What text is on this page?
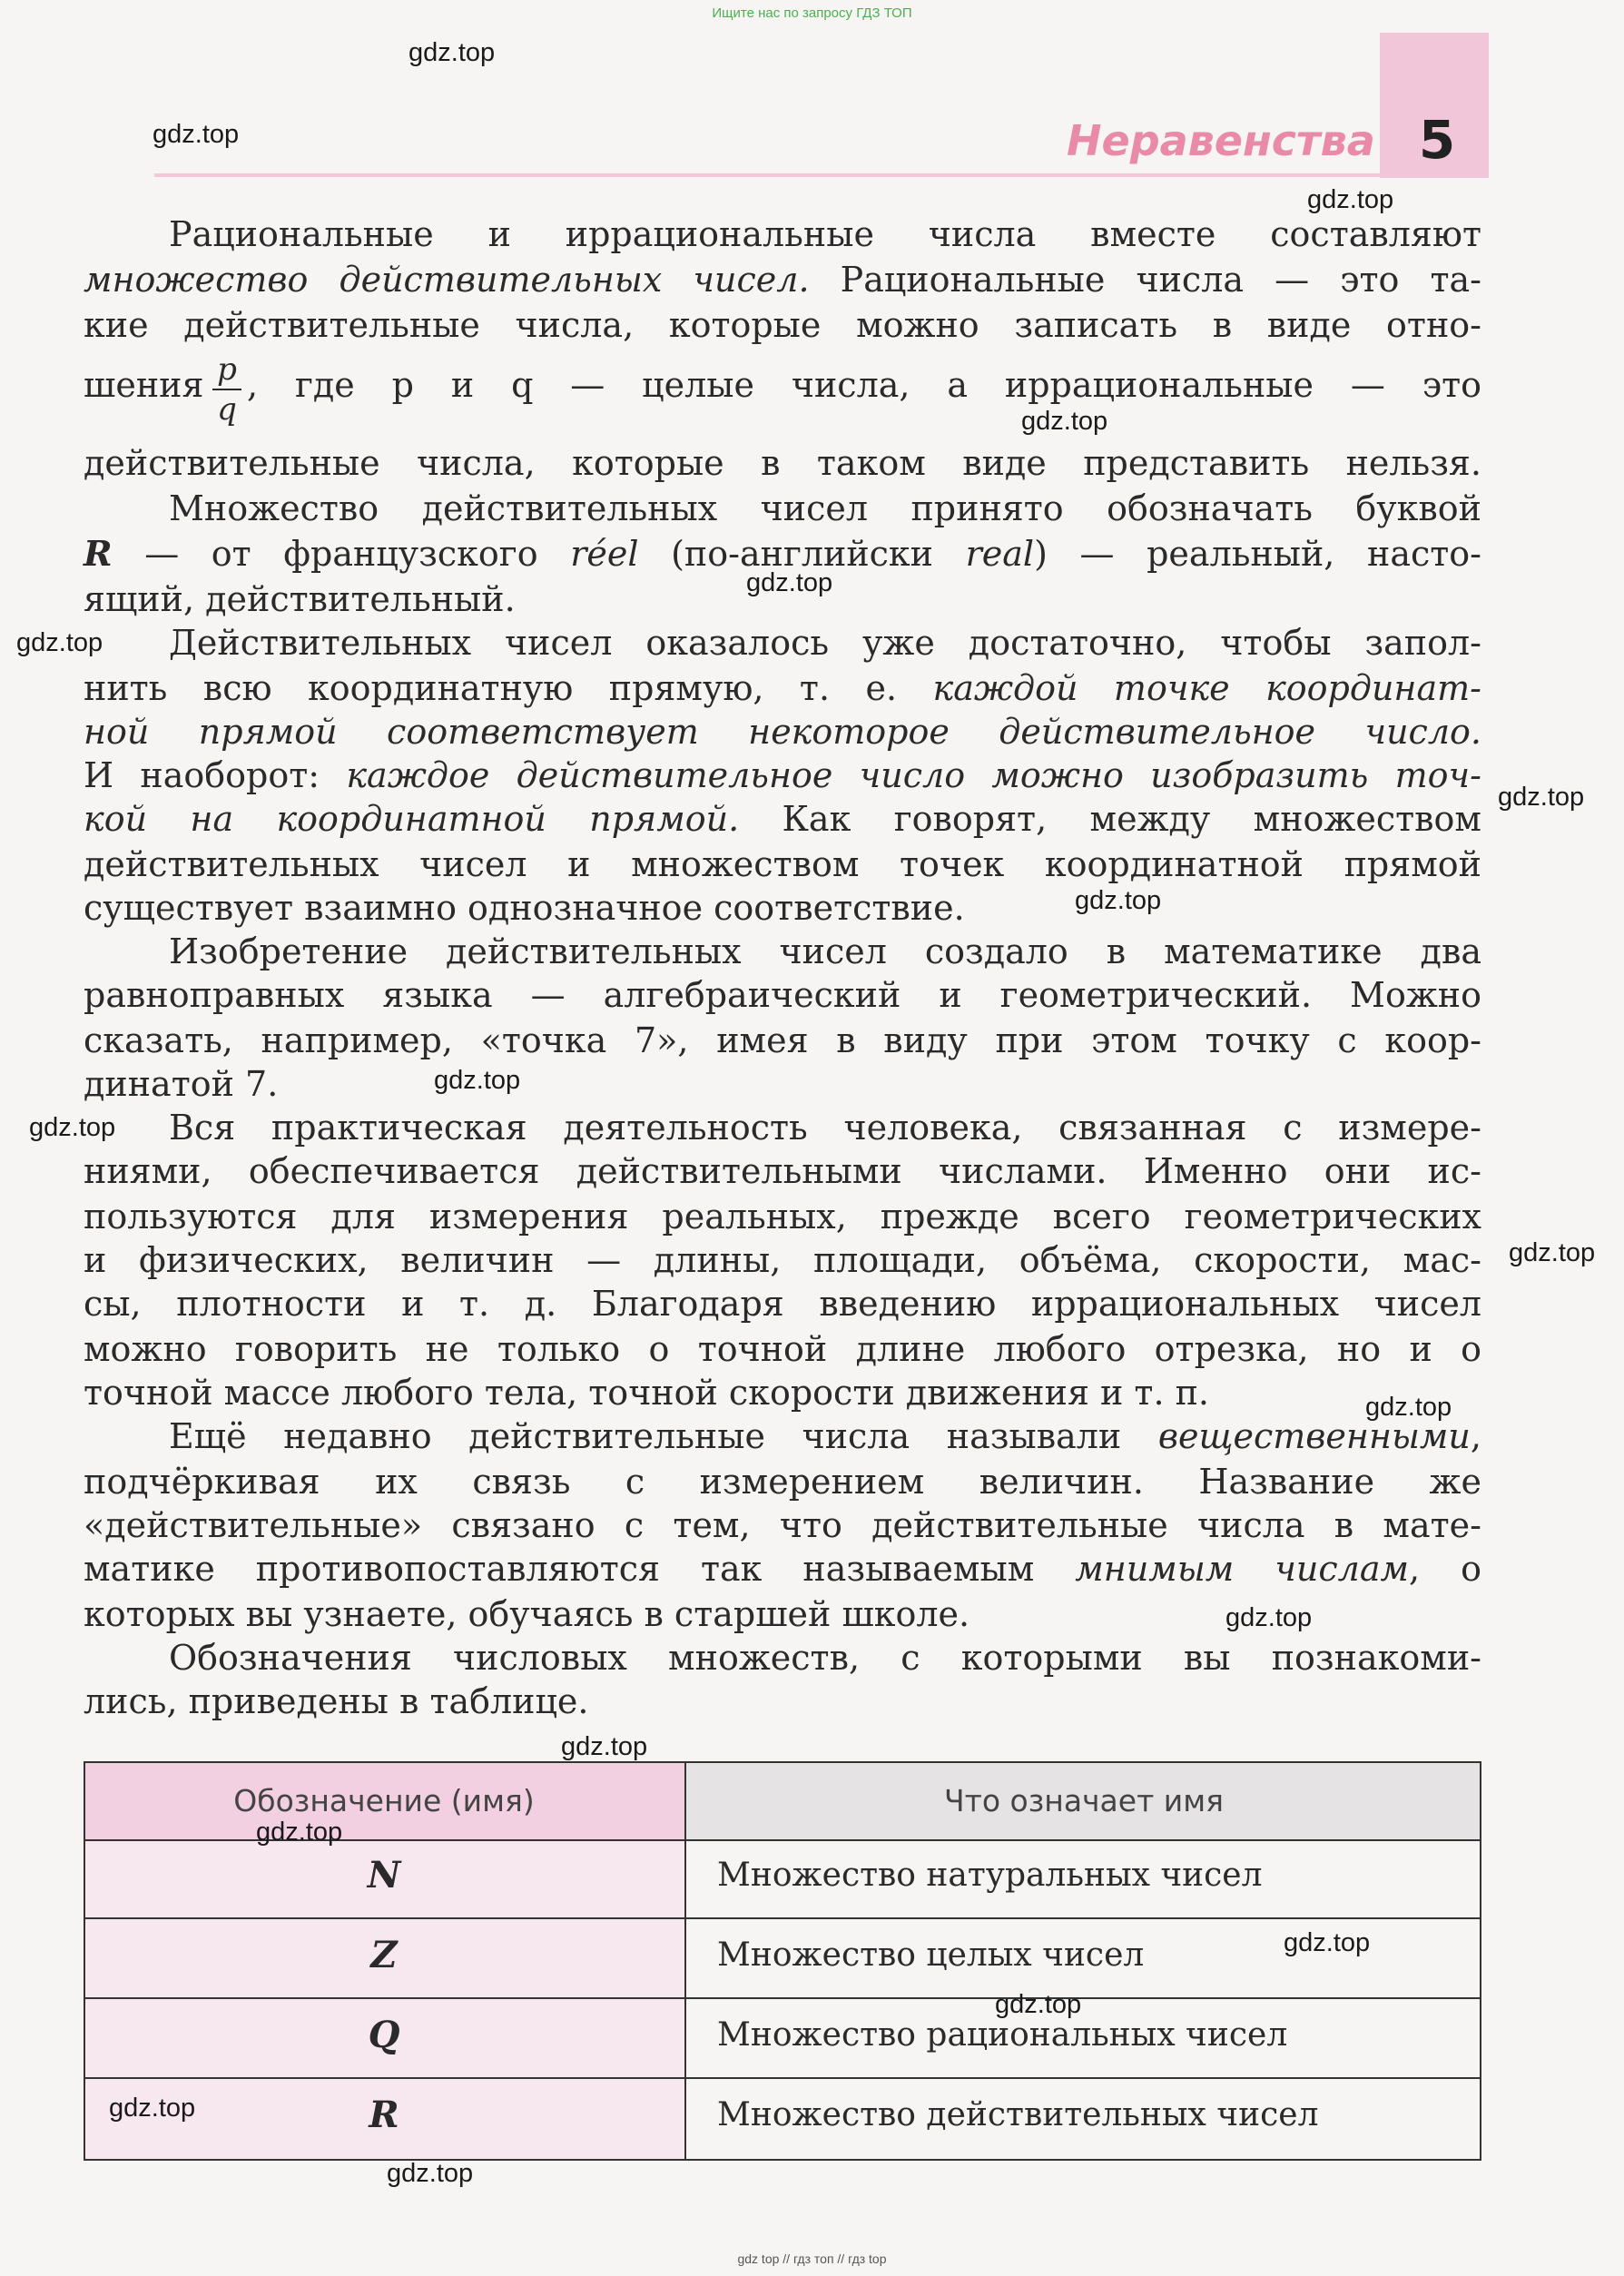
Ищите нас по запросу ГДЗ ТОП
Неравенства 5
Рациональные и иррациональные числа вместе составляют
множество действительных чисел. Рациональные числа — это та-
кие действительные числа, которые можно записать в виде отно-
шения p
q
, где p и q — целые числа, а иррациональные — это
действительные числа, которые в таком виде представить нельзя.
Множество действительных чисел принято обозначать буквой
R — от французского réel (по-английски real) — реальный, насто-
ящий, действительный.
Действительных чисел оказалось уже достаточно, чтобы запол-
нить всю координатную прямую, т. е. каждой точке координат-
ной прямой соответствует некоторое действительное число.
И наоборот: каждое действительное число можно изобразить точ-
кой на координатной прямой. Как говорят, между множеством
действительных чисел и множеством точек координатной прямой
существует взаимно однозначное соответствие.
Изобретение действительных чисел создало в математике два
равноправных языка — алгебраический и геометрический. Можно
сказать, например, «точка 7», имея в виду при этом точку с коор-
динатой 7.
Вся практическая деятельность человека, связанная с измере-
ниями, обеспечивается действительными числами. Именно они ис-
пользуются для измерения реальных, прежде всего геометрических
и физических, величин — длины, площади, объёма, скорости, мас-
сы, плотности и т. д. Благодаря введению иррациональных чисел
можно говорить не только о точной длине любого отрезка, но и о
точной массе любого тела, точной скорости движения и т. п.
Ещё недавно действительные числа называли вещественными,
подчёркивая их связь с измерением величин. Название же
«действительные» связано с тем, что действительные числа в мате-
матике противопоставляются так называемым мнимым числам, о
которых вы узнаете, обучаясь в старшей школе.
Обозначения числовых множеств, с которыми вы познакоми-
лись, приведены в таблице.
Обозначение (имя)	Что означает имя
N	Множество натуральных чисел
Z	Множество целых чисел
Q	Множество рациональных чисел
R	Множество действительных чисел
gdz.top
gdz.top
gdz.top
gdz.top
gdz.top
gdz.top
gdz.top
gdz.top
gdz.top
gdz.top
gdz.top
gdz.top
gdz.top
gdz.top
gdz.top
gdz.top
gdz.top
gdz.top
gdz.top
gdz top // гдз топ // гдз top
